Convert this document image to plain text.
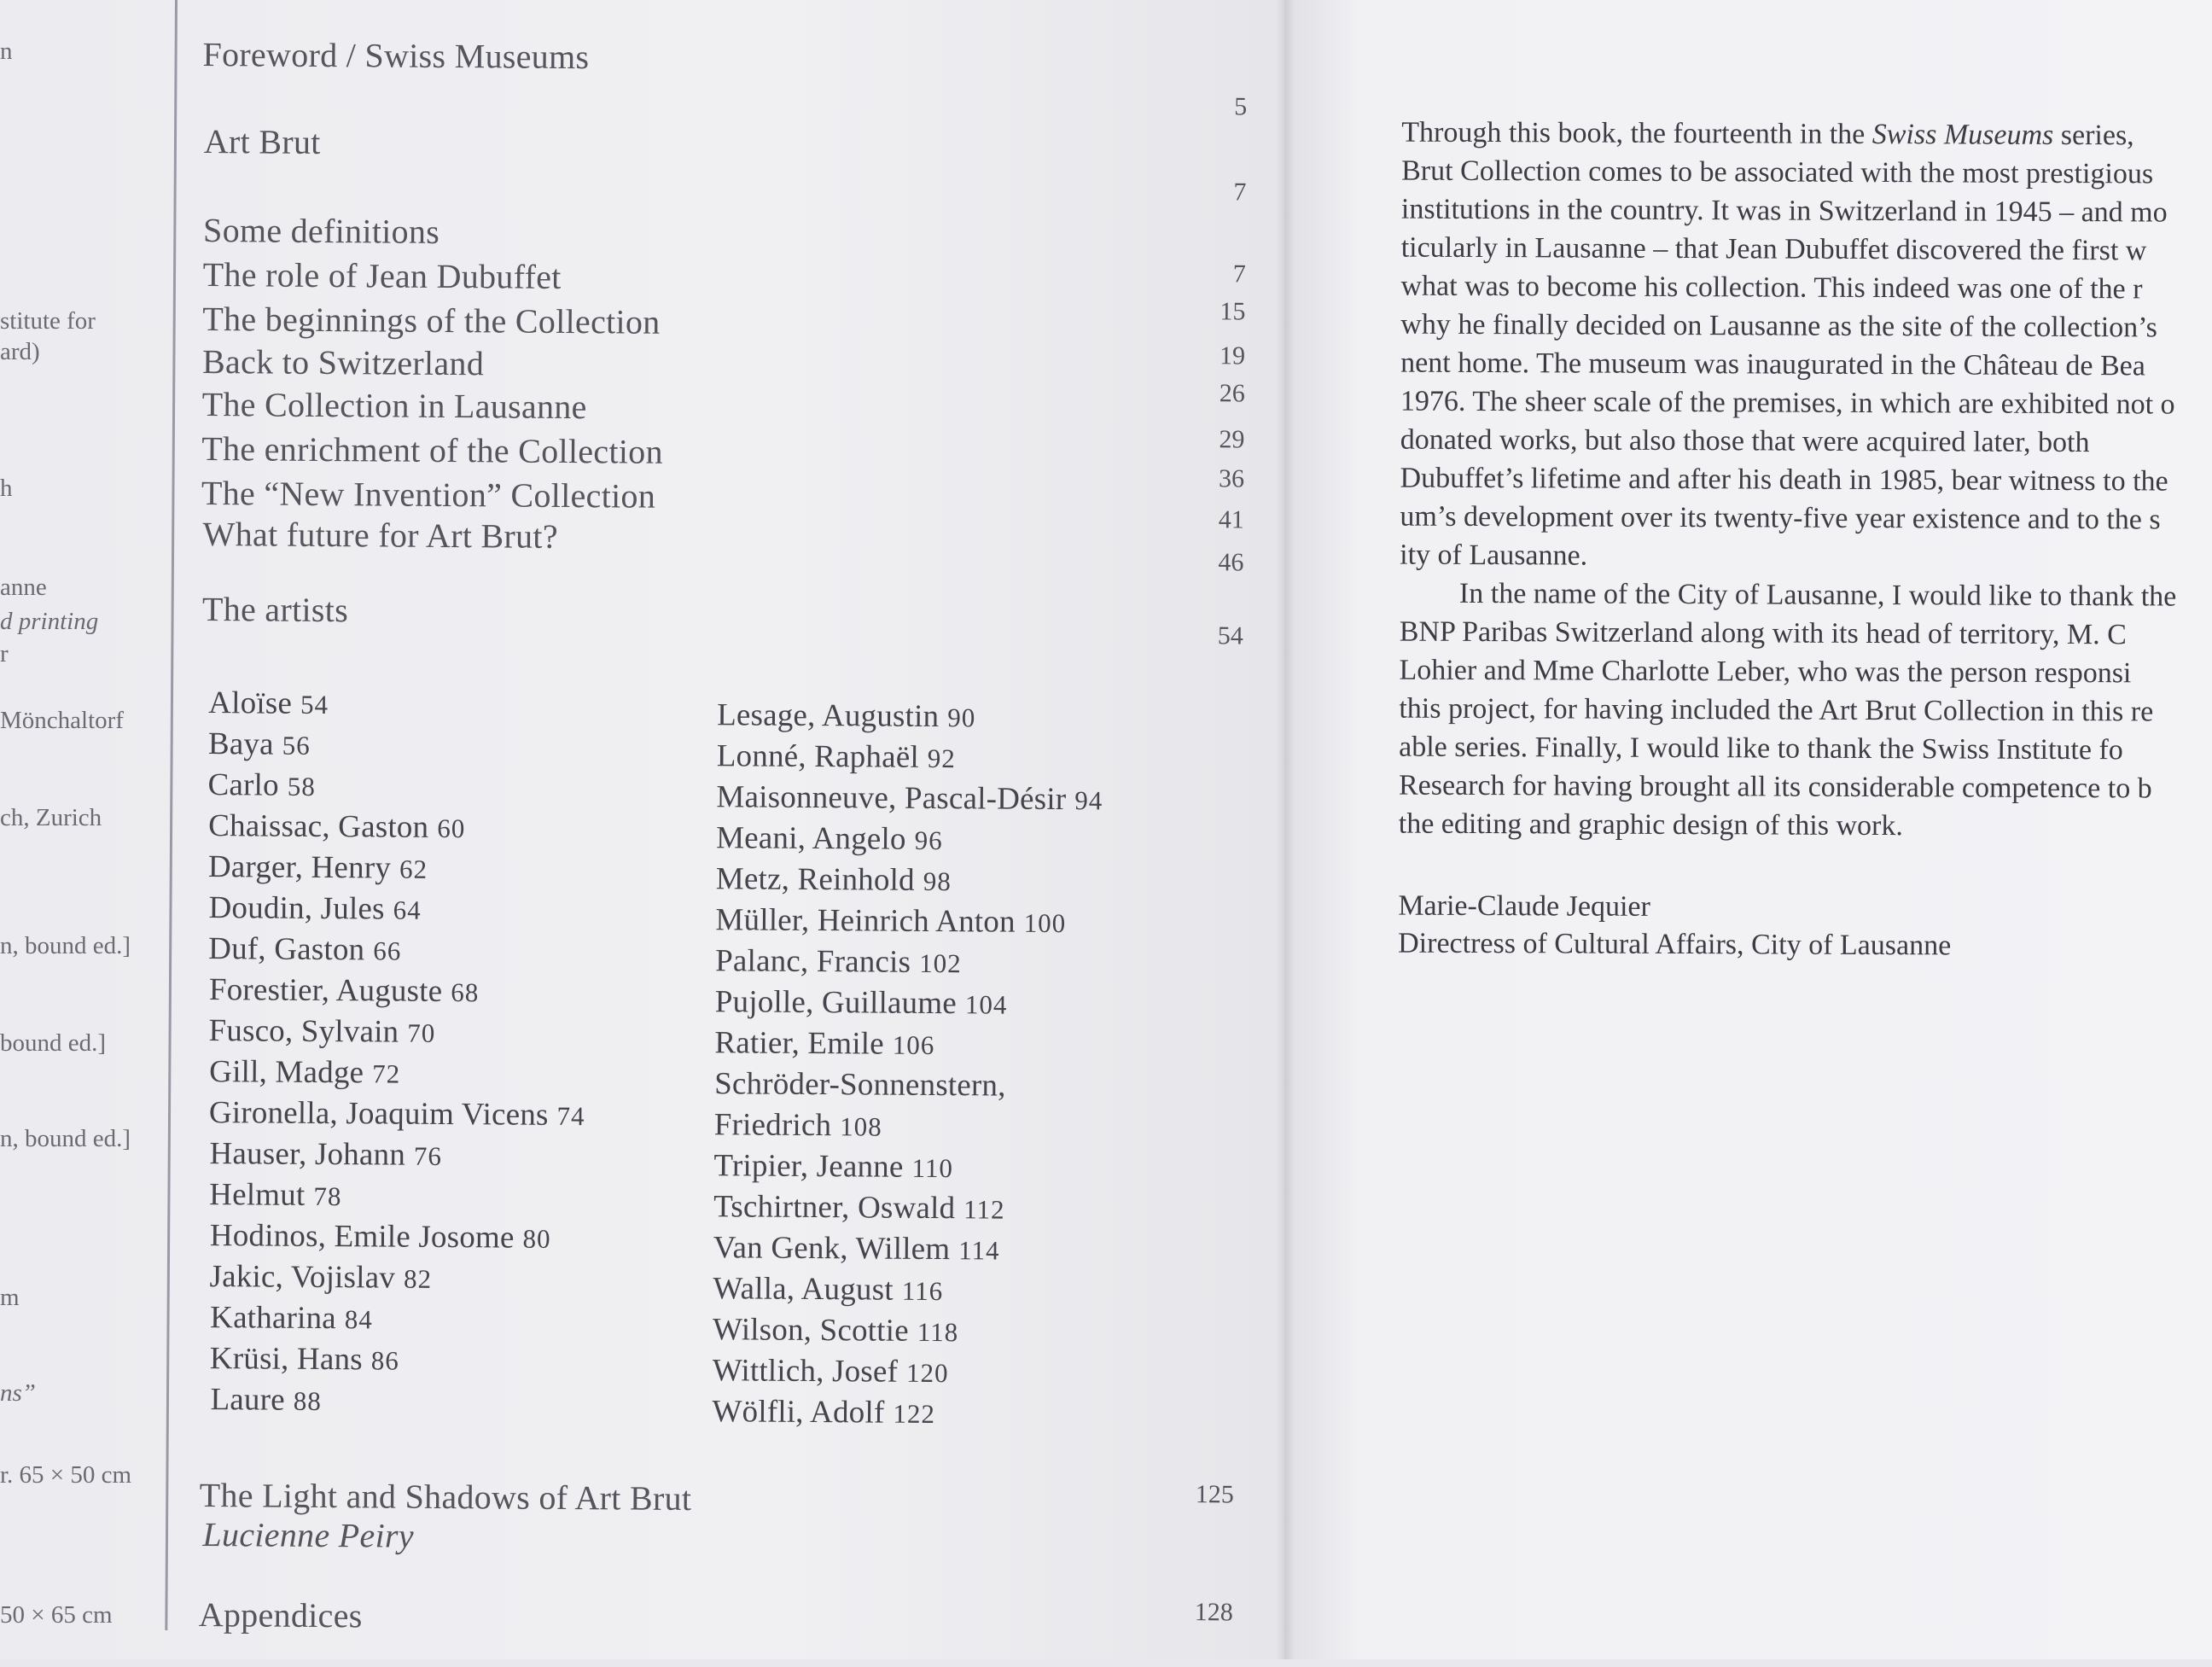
n
stitute for
ard)
h
anne
d printing
r
Mönchaltorf
ch, Zurich
n, bound ed.]
bound ed.]
n, bound ed.]
m
ns”
r. 65 × 50 cm
50 × 65 cm
Foreword / Swiss Museums
Art Brut
Some definitions
The role of Jean Dubuffet
The beginnings of the Collection
Back to Switzerland
The Collection in Lausanne
The enrichment of the Collection
The “New Invention” Collection
What future for Art Brut?
The artists
The Light and Shadows of Art Brut
Lucienne Peiry
Appendices
5
7
7
15
19
26
29
36
41
46
54
125
128
Aloïse 54
Baya 56
Carlo 58
Chaissac, Gaston 60
Darger, Henry 62
Doudin, Jules 64
Duf, Gaston 66
Forestier, Auguste 68
Fusco, Sylvain 70
Gill, Madge 72
Gironella, Joaquim Vicens 74
Hauser, Johann 76
Helmut 78
Hodinos, Emile Josome 80
Jakic, Vojislav 82
Katharina 84
Krüsi, Hans 86
Laure 88
Lesage, Augustin 90
Lonné, Raphaël 92
Maisonneuve, Pascal-Désir 94
Meani, Angelo 96
Metz, Reinhold 98
Müller, Heinrich Anton 100
Palanc, Francis 102
Pujolle, Guillaume 104
Ratier, Emile 106
Schröder-Sonnenstern,
Friedrich 108
Tripier, Jeanne 110
Tschirtner, Oswald 112
Van Genk, Willem 114
Walla, August 116
Wilson, Scottie 118
Wittlich, Josef 120
Wölfli, Adolf 122
Through this book, the fourteenth in the Swiss Museums series,
Brut Collection comes to be associated with the most prestigious
institutions in the country. It was in Switzerland in 1945 – and mo
ticularly in Lausanne – that Jean Dubuffet discovered the first w
what was to become his collection. This indeed was one of the r
why he finally decided on Lausanne as the site of the collection’s
nent home. The museum was inaugurated in the Château de Bea
1976. The sheer scale of the premises, in which are exhibited not o
donated works, but also those that were acquired later, both
Dubuffet’s lifetime and after his death in 1985, bear witness to the
um’s development over its twenty-five year existence and to the s
ity of Lausanne.
In the name of the City of Lausanne, I would like to thank the
BNP Paribas Switzerland along with its head of territory, M. C
Lohier and Mme Charlotte Leber, who was the person responsi
this project, for having included the Art Brut Collection in this re
able series. Finally, I would like to thank the Swiss Institute fo
Research for having brought all its considerable competence to b
the editing and graphic design of this work.
Marie-Claude Jequier
Directress of Cultural Affairs, City of Lausanne
